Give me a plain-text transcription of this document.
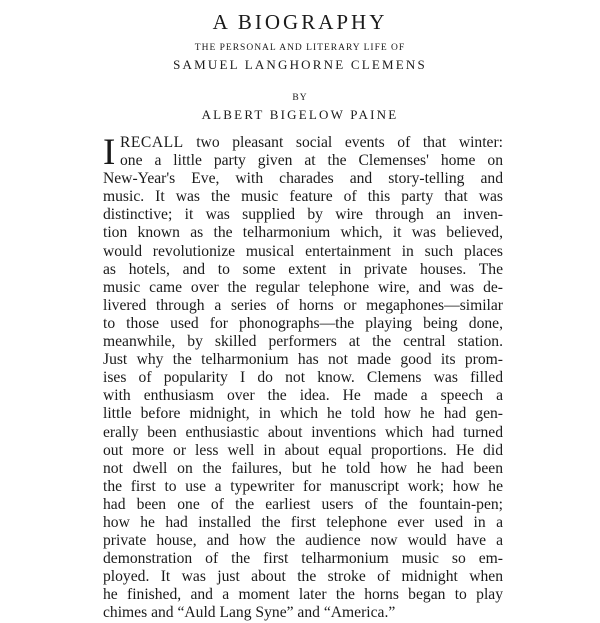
A BIOGRAPHY
THE PERSONAL AND LITERARY LIFE OF
SAMUEL LANGHORNE CLEMENS
BY
ALBERT BIGELOW PAINE
I RECALL two pleasant social events of that winter:
one a little party given at the Clemenses' home on
New-Year's Eve, with charades and story-telling and
music. It was the music feature of this party that was
distinctive; it was supplied by wire through an inven-
tion known as the telharmonium which, it was believed,
would revolutionize musical entertainment in such places
as hotels, and to some extent in private houses. The
music came over the regular telephone wire, and was de-
livered through a series of horns or megaphones—similar
to those used for phonographs—the playing being done,
meanwhile, by skilled performers at the central station.
Just why the telharmonium has not made good its prom-
ises of popularity I do not know. Clemens was filled
with enthusiasm over the idea. He made a speech a
little before midnight, in which he told how he had gen-
erally been enthusiastic about inventions which had turned
out more or less well in about equal proportions. He did
not dwell on the failures, but he told how he had been
the first to use a typewriter for manuscript work; how he
had been one of the earliest users of the fountain-pen;
how he had installed the first telephone ever used in a
private house, and how the audience now would have a
demonstration of the first telharmonium music so em-
ployed. It was just about the stroke of midnight when
he finished, and a moment later the horns began to play
chimes and “Auld Lang Syne” and “America.”
